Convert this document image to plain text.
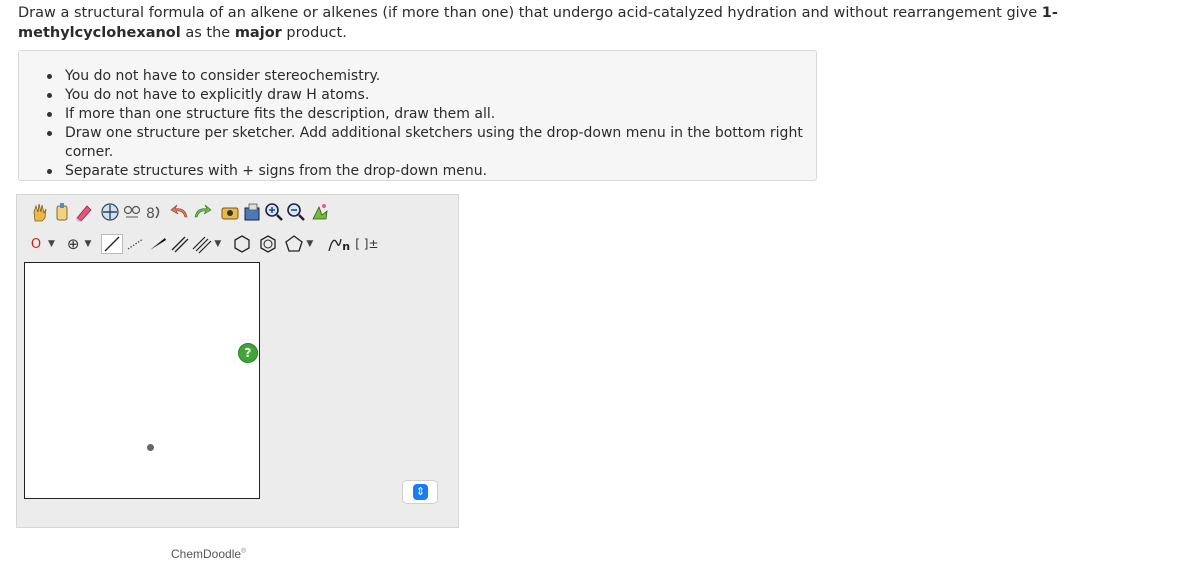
Draw a structural formula of an alkene or alkenes (if more than one) that undergo acid-catalyzed hydration and without rearrangement give 1-methylcyclohexanol as the major product.
You do not have to consider stereochemistry.
You do not have to explicitly draw H atoms.
If more than one structure fits the description, draw them all.
Draw one structure per sketcher. Add additional sketchers using the drop-down menu in the bottom right corner.
Separate structures with + signs from the drop-down menu.
8
O ▼ ⊕ ▼	▼	▼	n [ ]±
?
ChemDoodle®
⇕
